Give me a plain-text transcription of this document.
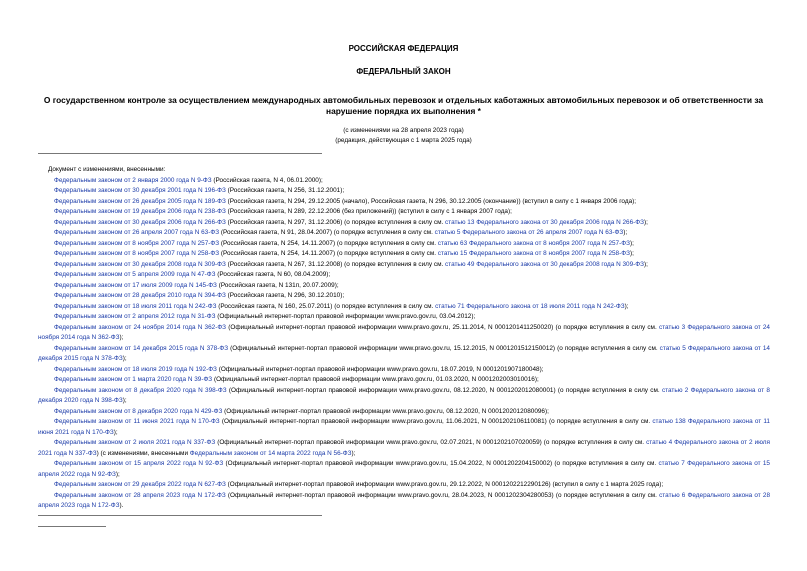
РОССИЙСКАЯ ФЕДЕРАЦИЯ
ФЕДЕРАЛЬНЫЙ ЗАКОН
О государственном контроле за осуществлением международных автомобильных перевозок и отдельных каботажных автомобильных перевозок и об ответственности за нарушение порядка их выполнения *
(с изменениями на 28 апреля 2023 года)
(редакция, действующая с 1 марта 2025 года)
Документ с изменениями, внесенными:
Федеральным законом от 2 января 2000 года N 9-ФЗ (Российская газета, N 4, 06.01.2000);
Федеральным законом от 30 декабря 2001 года N 196-ФЗ (Российская газета, N 256, 31.12.2001);
Федеральным законом от 26 декабря 2005 года N 189-ФЗ (Российская газета, N 294, 29.12.2005 (начало), Российская газета, N 296, 30.12.2005 (окончание)) (вступил в силу с 1 января 2006 года);
Федеральным законом от 19 декабря 2006 года N 238-ФЗ (Российская газета, N 289, 22.12.2006 (без приложений)) (вступил в силу с 1 января 2007 года);
Федеральным законом от 30 декабря 2006 года N 266-ФЗ (Российская газета, N 297, 31.12.2006) (о порядке вступления в силу см. статью 13 Федерального закона от 30 декабря 2006 года N 266-ФЗ);
Федеральным законом от 26 апреля 2007 года N 63-ФЗ (Российская газета, N 91, 28.04.2007) (о порядке вступления в силу см. статью 5 Федерального закона от 26 апреля 2007 года N 63-ФЗ);
Федеральным законом от 8 ноября 2007 года N 257-ФЗ (Российская газета, N 254, 14.11.2007) (о порядке вступления в силу см. статью 63 Федерального закона от 8 ноября 2007 года N 257-ФЗ);
Федеральным законом от 8 ноября 2007 года N 258-ФЗ (Российская газета, N 254, 14.11.2007) (о порядке вступления в силу см. статью 15 Федерального закона от 8 ноября 2007 года N 258-ФЗ);
Федеральным законом от 30 декабря 2008 года N 309-ФЗ (Российская газета, N 267, 31.12.2008) (о порядке вступления в силу см. статью 49 Федерального закона от 30 декабря 2008 года N 309-ФЗ);
Федеральным законом от 5 апреля 2009 года N 47-ФЗ (Российская газета, N 60, 08.04.2009);
Федеральным законом от 17 июля 2009 года N 145-ФЗ (Российская газета, N 131п, 20.07.2009);
Федеральным законом от 28 декабря 2010 года N 394-ФЗ (Российская газета, N 296, 30.12.2010);
Федеральным законом от 18 июля 2011 года N 242-ФЗ (Российская газета, N 160, 25.07.2011) (о порядке вступления в силу см. статью 71 Федерального закона от 18 июля 2011 года N 242-ФЗ);
Федеральным законом от 2 апреля 2012 года N 31-ФЗ (Официальный интернет-портал правовой информации www.pravo.gov.ru, 03.04.2012);
Федеральным законом от 24 ноября 2014 года N 362-ФЗ (Официальный интернет-портал правовой информации www.pravo.gov.ru, 25.11.2014, N 0001201411250020) (о порядке вступления в силу см. статью 3 Федерального закона от 24 ноября 2014 года N 362-ФЗ);
Федеральным законом от 14 декабря 2015 года N 378-ФЗ (Официальный интернет-портал правовой информации www.pravo.gov.ru, 15.12.2015, N 0001201512150012) (о порядке вступления в силу см. статью 5 Федерального закона от 14 декабря 2015 года N 378-ФЗ);
Федеральным законом от 18 июля 2019 года N 192-ФЗ (Официальный интернет-портал правовой информации www.pravo.gov.ru, 18.07.2019, N 0001201907180048);
Федеральным законом от 1 марта 2020 года N 39-ФЗ (Официальный интернет-портал правовой информации www.pravo.gov.ru, 01.03.2020, N 0001202003010016);
Федеральным законом от 8 декабря 2020 года N 398-ФЗ (Официальный интернет-портал правовой информации www.pravo.gov.ru, 08.12.2020, N 0001202012080001) (о порядке вступления в силу см. статью 2 Федерального закона от 8 декабря 2020 года N 398-ФЗ);
Федеральным законом от 8 декабря 2020 года N 429-ФЗ (Официальный интернет-портал правовой информации www.pravo.gov.ru, 08.12.2020, N 0001202012080096);
Федеральным законом от 11 июня 2021 года N 170-ФЗ (Официальный интернет-портал правовой информации www.pravo.gov.ru, 11.06.2021, N 0001202106110081) (о порядке вступления в силу см. статью 138 Федерального закона от 11 июня 2021 года N 170-ФЗ);
Федеральным законом от 2 июля 2021 года N 337-ФЗ (Официальный интернет-портал правовой информации www.pravo.gov.ru, 02.07.2021, N 0001202107020059) (о порядке вступления в силу см. статью 4 Федерального закона от 2 июля 2021 года N 337-ФЗ) (с изменениями, внесенными Федеральным законом от 14 марта 2022 года N 56-ФЗ);
Федеральным законом от 15 апреля 2022 года N 92-ФЗ (Официальный интернет-портал правовой информации www.pravo.gov.ru, 15.04.2022, N 0001202204150002) (о порядке вступления в силу см. статью 7 Федерального закона от 15 апреля 2022 года N 92-ФЗ);
Федеральным законом от 29 декабря 2022 года N 627-ФЗ (Официальный интернет-портал правовой информации www.pravo.gov.ru, 29.12.2022, N 0001202212290126) (вступил в силу с 1 марта 2025 года);
Федеральным законом от 28 апреля 2023 года N 172-ФЗ (Официальный интернет-портал правовой информации www.pravo.gov.ru, 28.04.2023, N 0001202304280053) (о порядке вступления в силу см. статью 6 Федерального закона от 28 апреля 2023 года N 172-ФЗ).
